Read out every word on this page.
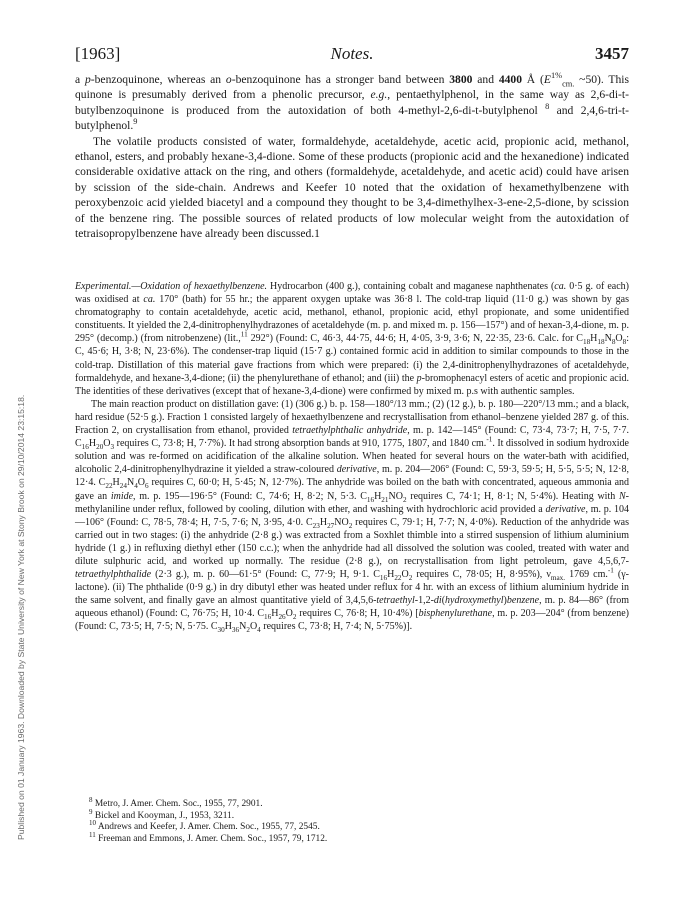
Published on 01 January 1963. Downloaded by State University of New York at Stony Brook on 29/10/2014 23:15:18.
[1963]	Notes.	3457

a p-benzoquinone, whereas an o-benzoquinone has a stronger band between 3800 and 4400 Å ($E^{1\%}_{cm.}$ ~50). This quinone is presumably derived from a phenolic precursor, e.g., pentaethylphenol, in the same way as 2,6-di-t-butylbenzoquinone is produced from the autoxidation of both 4-methyl-2,6-di-t-butylphenol $^8$ and 2,4,6-tri-t-butylphenol.$^9$

The volatile products consisted of water, formaldehyde, acetaldehyde, acetic acid, propionic acid, methanol, ethanol, esters, and probably hexane-3,4-dione. Some of these products (propionic acid and the hexanedione) indicated considerable oxidative attack on the ring, and others (formaldehyde, acetaldehyde, and acetic acid) could have arisen by scission of the side-chain. Andrews and Keefer 10 noted that the oxidation of hexamethylbenzene with peroxybenzoic acid yielded biacetyl and a compound they thought to be 3,4-dimethylhex-3-ene-2,5-dione, by scission of the benzene ring. The possible sources of related products of low molecular weight from the autoxidation of tetraisopropylbenzene have already been discussed.1

Experimental.—Oxidation of hexaethylbenzene. Hydrocarbon (400 g.), containing cobalt and maganese naphthenates (ca. 0·5 g. of each) was oxidised at ca. 170° (bath) for 55 hr.; the apparent oxygen uptake was 36·8 l. The cold-trap liquid (11·0 g.) was shown by gas chromatography to contain acetaldehyde, acetic acid, methanol, ethanol, propionic acid, ethyl propionate, and some unidentified constituents. It yielded the 2,4-dinitrophenylhydrazones of acetaldehyde (m. p. and mixed m. p. 156—157°) and of hexan-3,4-dione, m. p. 295° (decomp.) (from nitrobenzene) (lit.,$^{11}$ 292°) (Found: C, 46·3, 44·75, 44·6; H, 4·05, 3·9, 3·6; N, 22·35, 23·6. Calc. for $C_{18}H_{18}N_8O_8$: C, 45·6; H, 3·8; N, 23·6%). The condenser-trap liquid (15·7 g.) contained formic acid in addition to similar compounds to those in the cold-trap. Distillation of this material gave fractions from which were prepared: (i) the 2,4-dinitrophenylhydrazones of acetaldehyde, formaldehyde, and hexane-3,4-dione; (ii) the phenylurethane of ethanol; and (iii) the p-bromophenacyl esters of acetic and propionic acid. The identities of these derivatives (except that of hexane-3,4-dione) were confirmed by mixed m. p.s with authentic samples.

The main reaction product on distillation gave: (1) (306 g.) b. p. 158—180°/13 mm.; (2) (12 g.), b. p. 180—220°/13 mm.; and a black, hard residue (52·5 g.). Fraction 1 consisted largely of hexaethylbenzene and recrystallisation from ethanol–benzene yielded 287 g. of this. Fraction 2, on crystallisation from ethanol, provided tetraethylphthalic anhydride, m. p. 142—145° (Found: C, 73·4, 73·7; H, 7·5, 7·7. $C_{16}H_{20}O_3$ requires C, 73·8; H, 7·7%). It had strong absorption bands at 910, 1775, 1807, and 1840 cm.$^{-1}$. It dissolved in sodium hydroxide solution and was re-formed on acidification of the alkaline solution. When heated for several hours on the water-bath with acidified, alcoholic 2,4-dinitrophenylhydrazine it yielded a straw-coloured derivative, m. p. 204—206° (Found: C, 59·3, 59·5; H, 5·5, 5·5; N, 12·8, 12·4. $C_{22}H_{24}N_4O_6$ requires C, 60·0; H, 5·45; N, 12·7%). The anhydride was boiled on the bath with concentrated, aqueous ammonia and gave an imide, m. p. 195—196·5° (Found: C, 74·6; H, 8·2; N, 5·3. $C_{16}H_{21}NO_2$ requires C, 74·1; H, 8·1; N, 5·4%). Heating with N-methylaniline under reflux, followed by cooling, dilution with ether, and washing with hydrochloric acid provided a derivative, m. p. 104—106° (Found: C, 78·5, 78·4; H, 7·5, 7·6; N, 3·95, 4·0. $C_{23}H_{27}NO_2$ requires C, 79·1; H, 7·7; N, 4·0%). Reduction of the anhydride was carried out in two stages: (i) the anhydride (2·8 g.) was extracted from a Soxhlet thimble into a stirred suspension of lithium aluminium hydride (1 g.) in refluxing diethyl ether (150 c.c.); when the anhydride had all dissolved the solution was cooled, treated with water and dilute sulphuric acid, and worked up normally. The residue (2·8 g.), on recrystallisation from light petroleum, gave 4,5,6,7-tetraethylphthalide (2·3 g.), m. p. 60—61·5° (Found: C, 77·9; H, 9·1. $C_{16}H_{22}O_2$ requires C, 78·05; H, 8·95%), $\nu_{max.}$ 1769 cm.$^{-1}$ (γ-lactone). (ii) The phthalide (0·9 g.) in dry dibutyl ether was heated under reflux for 4 hr. with an excess of lithium aluminium hydride in the same solvent, and finally gave an almost quantitative yield of 3,4,5,6-tetraethyl-1,2-di(hydroxymethyl)benzene, m. p. 84—86° (from aqueous ethanol) (Found: C, 76·75; H, 10·4. $C_{16}H_{26}O_2$ requires C, 76·8; H, 10·4%) [bisphenylurethane, m. p. 203—204° (from benzene) (Found: C, 73·5; H, 7·5; N, 5·75. $C_{30}H_{36}N_2O_4$ requires C, 73·8; H, 7·4; N, 5·75%)].

$^8$ Metro, J. Amer. Chem. Soc., 1955, 77, 2901.
$^9$ Bickel and Kooyman, J., 1953, 3211.
$^{10}$ Andrews and Keefer, J. Amer. Chem. Soc., 1955, 77, 2545.
$^{11}$ Freeman and Emmons, J. Amer. Chem. Soc., 1957, 79, 1712.
